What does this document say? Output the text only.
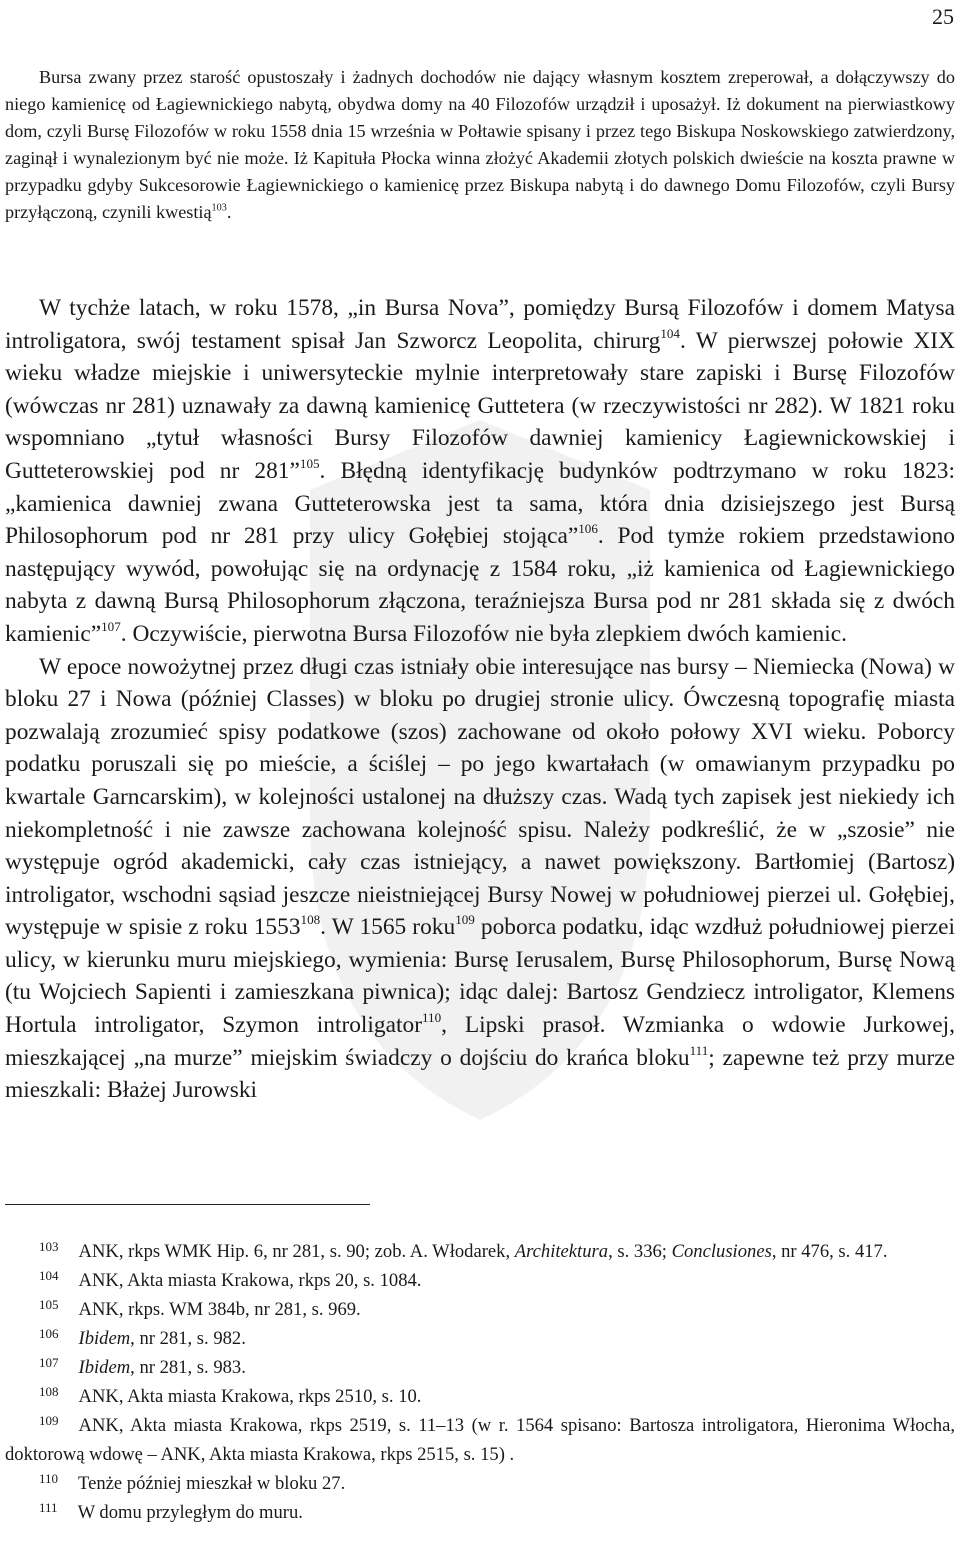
25

Bursa zwany przez starość opustoszały i żadnych dochodów nie dający własnym kosztem zreperował, a dołączywszy do niego kamienicę od Łagiewnickiego nabytą, obydwa domy na 40 Filozofów urządził i uposażył. Iż dokument na pierwiastkowy dom, czyli Bursę Filozofów w roku 1558 dnia 15 września w Połtawie spisany i przez tego Biskupa Noskowskiego zatwierdzony, zaginął i wynalezionym być nie może. Iż Kapituła Płocka winna złożyć Akademii złotych polskich dwieście na koszta prawne w przypadku gdyby Sukcesorowie Łagiewnickiego o kamienicę przez Biskupa nabytą i do dawnego Domu Filozofów, czyli Bursy przyłączoną, czynili kwestią$^{103}$.

W tychże latach, w roku 1578, „in Bursa Nova”, pomiędzy Bursą Filozofów i domem Matysa introligatora, swój testament spisał Jan Szworcz Leopolita, chirurg$^{104}$. W pierwszej połowie XIX wieku władze miejskie i uniwersyteckie mylnie interpretowały stare zapiski i Bursę Filozofów (wówczas nr 281) uznawały za dawną kamienicę Guttetera (w rzeczywistości nr 282). W 1821 roku wspomniano „tytuł własności Bursy Filozofów dawniej kamienicy Łagiewnickowskiej i Gutteterowskiej pod nr 281”$^{105}$. Błędną identyfikację budynków podtrzymano w roku 1823: „kamienica dawniej zwana Gutteterowska jest ta sama, która dnia dzisiejszego jest Bursą Philosophorum pod nr 281 przy ulicy Gołębiej stojąca”$^{106}$. Pod tymże rokiem przedstawiono następujący wywód, powołując się na ordynację z 1584 roku, „iż kamienica od Łagiewnickiego nabyta z dawną Bursą Philosophorum złączona, teraźniejsza Bursa pod nr 281 składa się z dwóch kamienic”$^{107}$. Oczywiście, pierwotna Bursa Filozofów nie była zlepkiem dwóch kamienic.

W epoce nowożytnej przez długi czas istniały obie interesujące nas bursy – Niemiecka (Nowa) w bloku 27 i Nowa (później Classes) w bloku po drugiej stronie ulicy. Ówczesną topografię miasta pozwalają zrozumieć spisy podatkowe (szos) zachowane od około połowy XVI wieku. Poborcy podatku poruszali się po mieście, a ściślej – po jego kwartałach (w omawianym przypadku po kwartale Garncarskim), w kolejności ustalonej na dłuższy czas. Wadą tych zapisek jest niekiedy ich niekompletność i nie zawsze zachowana kolejność spisu. Należy podkreślić, że w „szosie” nie występuje ogród akademicki, cały czas istniejący, a nawet powiększony. Bartłomiej (Bartosz) introligator, wschodni sąsiad jeszcze nieistniejącej Bursy Nowej w południowej pierzei ul. Gołębiej, występuje w spisie z roku 1553$^{108}$. W 1565 roku$^{109}$ poborca podatku, idąc wzdłuż południowej pierzei ulicy, w kierunku muru miejskiego, wymienia: Bursę Ierusalem, Bursę Philosophorum, Bursę Nową (tu Wojciech Sapienti i zamieszkana piwnica); idąc dalej: Bartosz Gendziecz introligator, Klemens Hortula introligator, Szymon introligator$^{110}$, Lipski prasoł. Wzmianka o wdowie Jurkowej, mieszkającej „na murze” miejskim świadczy o dojściu do krańca bloku$^{111}$; zapewne też przy murze mieszkali: Błażej Jurowski

$^{103}$ ANK, rkps WMK Hip. 6, nr 281, s. 90; zob. A. Włodarek, Architektura, s. 336; Conclusiones, nr 476, s. 417.

$^{104}$ ANK, Akta miasta Krakowa, rkps 20, s. 1084.

$^{105}$ ANK, rkps. WM 384b, nr 281, s. 969.

$^{106}$ Ibidem, nr 281, s. 982.

$^{107}$ Ibidem, nr 281, s. 983.

$^{108}$ ANK, Akta miasta Krakowa, rkps 2510, s. 10.

$^{109}$ ANK, Akta miasta Krakowa, rkps 2519, s. 11–13 (w r. 1564 spisano: Bartosza introligatora, Hieronima Włocha, doktorową wdowę – ANK, Akta miasta Krakowa, rkps 2515, s. 15) .

$^{110}$ Tenże później mieszkał w bloku 27.

$^{111}$ W domu przyległym do muru.
